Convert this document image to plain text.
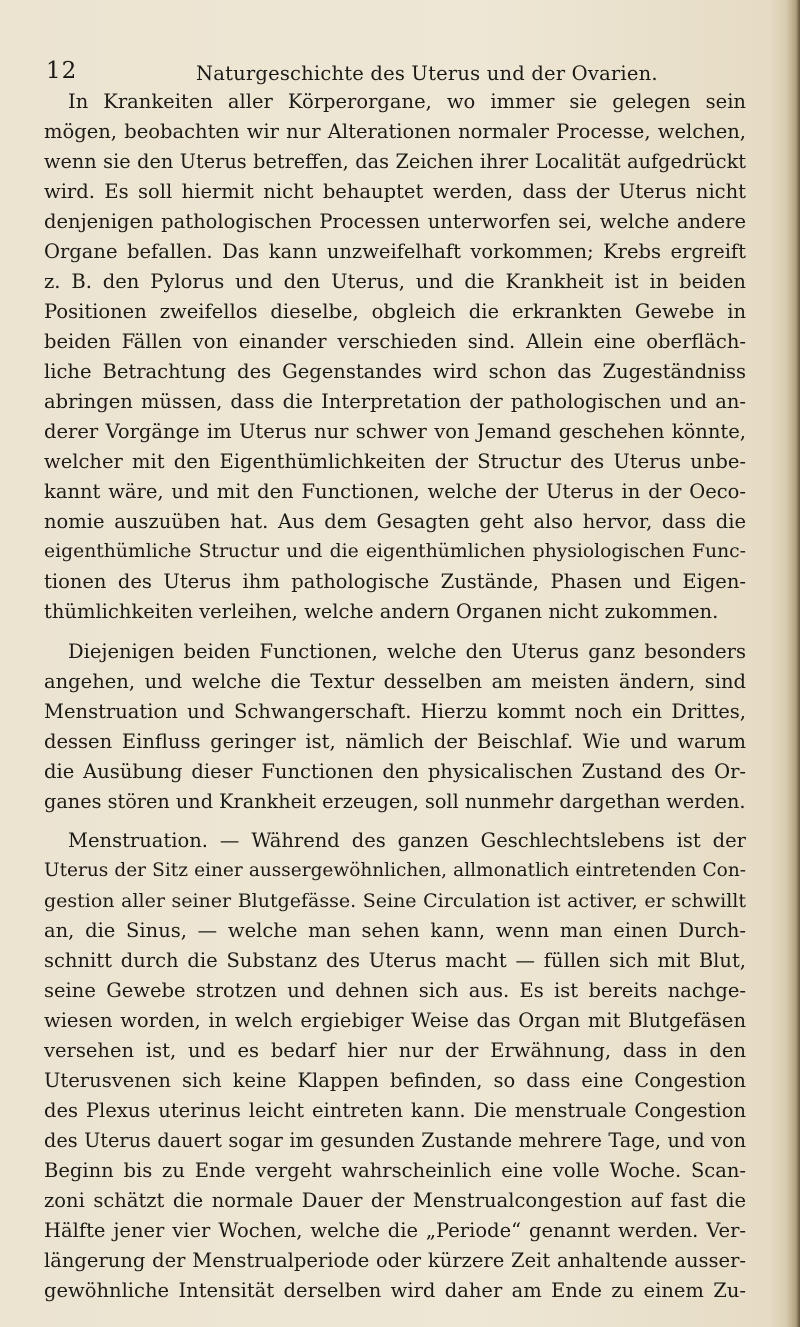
12	Naturgeschichte des Uterus und der Ovarien.
In Krankeiten aller Körperorgane, wo immer sie gelegen sein
mögen, beobachten wir nur Alterationen normaler Processe, welchen,
wenn sie den Uterus betreffen, das Zeichen ihrer Localität aufgedrückt
wird. Es soll hiermit nicht behauptet werden, dass der Uterus nicht
denjenigen pathologischen Processen unterworfen sei, welche andere
Organe befallen. Das kann unzweifelhaft vorkommen; Krebs ergreift
z. B. den Pylorus und den Uterus, und die Krankheit ist in beiden
Positionen zweifellos dieselbe, obgleich die erkrankten Gewebe in
beiden Fällen von einander verschieden sind. Allein eine oberfläch-
liche Betrachtung des Gegenstandes wird schon das Zugeständniss
abringen müssen, dass die Interpretation der pathologischen und an-
derer Vorgänge im Uterus nur schwer von Jemand geschehen könnte,
welcher mit den Eigenthümlichkeiten der Structur des Uterus unbe-
kannt wäre, und mit den Functionen, welche der Uterus in der Oeco-
nomie auszuüben hat. Aus dem Gesagten geht also hervor, dass die
eigenthümliche Structur und die eigenthümlichen physiologischen Func-
tionen des Uterus ihm pathologische Zustände, Phasen und Eigen-
thümlichkeiten verleihen, welche andern Organen nicht zukommen.
Diejenigen beiden Functionen, welche den Uterus ganz besonders
angehen, und welche die Textur desselben am meisten ändern, sind
Menstruation und Schwangerschaft. Hierzu kommt noch ein Drittes,
dessen Einfluss geringer ist, nämlich der Beischlaf. Wie und warum
die Ausübung dieser Functionen den physicalischen Zustand des Or-
ganes stören und Krankheit erzeugen, soll nunmehr dargethan werden.
Menstruation. — Während des ganzen Geschlechtslebens ist der
Uterus der Sitz einer aussergewöhnlichen, allmonatlich eintretenden Con-
gestion aller seiner Blutgefässe. Seine Circulation ist activer, er schwillt
an, die Sinus, — welche man sehen kann, wenn man einen Durch-
schnitt durch die Substanz des Uterus macht — füllen sich mit Blut,
seine Gewebe strotzen und dehnen sich aus. Es ist bereits nachge-
wiesen worden, in welch ergiebiger Weise das Organ mit Blutgefäsen
versehen ist, und es bedarf hier nur der Erwähnung, dass in den
Uterusvenen sich keine Klappen befinden, so dass eine Congestion
des Plexus uterinus leicht eintreten kann. Die menstruale Congestion
des Uterus dauert sogar im gesunden Zustande mehrere Tage, und von
Beginn bis zu Ende vergeht wahrscheinlich eine volle Woche. Scan-
zoni schätzt die normale Dauer der Menstrualcongestion auf fast die
Hälfte jener vier Wochen, welche die „Periode“ genannt werden. Ver-
längerung der Menstrualperiode oder kürzere Zeit anhaltende ausser-
gewöhnliche Intensität derselben wird daher am Ende zu einem Zu-
